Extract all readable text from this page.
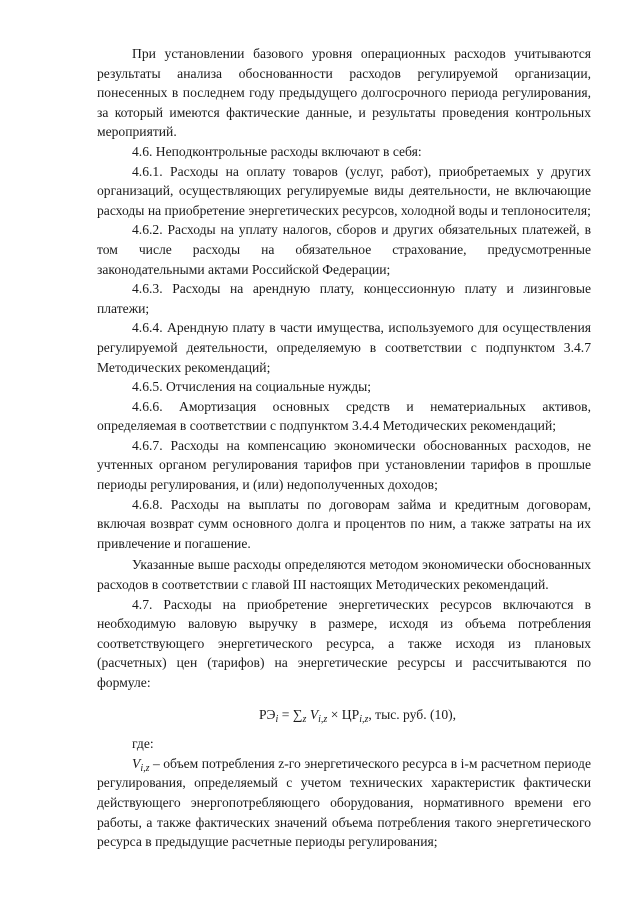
При установлении базового уровня операционных расходов учитываются результаты анализа обоснованности расходов регулируемой организации, понесенных в последнем году предыдущего долгосрочного периода регулирования, за который имеются фактические данные, и результаты проведения контрольных мероприятий.

4.6. Неподконтрольные расходы включают в себя:

4.6.1. Расходы на оплату товаров (услуг, работ), приобретаемых у других организаций, осуществляющих регулируемые виды деятельности, не включающие расходы на приобретение энергетических ресурсов, холодной воды и теплоносителя;

4.6.2. Расходы на уплату налогов, сборов и других обязательных платежей, в том числе расходы на обязательное страхование, предусмотренные законодательными актами Российской Федерации;

4.6.3. Расходы на арендную плату, концессионную плату и лизинговые платежи;

4.6.4. Арендную плату в части имущества, используемого для осуществления регулируемой деятельности, определяемую в соответствии с подпунктом 3.4.7 Методических рекомендаций;

4.6.5. Отчисления на социальные нужды;

4.6.6. Амортизация основных средств и нематериальных активов, определяемая в соответствии с подпунктом 3.4.4 Методических рекомендаций;

4.6.7. Расходы на компенсацию экономически обоснованных расходов, не учтенных органом регулирования тарифов при установлении тарифов в прошлые периоды регулирования, и (или) недополученных доходов;

4.6.8. Расходы на выплаты по договорам займа и кредитным договорам, включая возврат сумм основного долга и процентов по ним, а также затраты на их привлечение и погашение.

Указанные выше расходы определяются методом экономически обоснованных расходов в соответствии с главой III настоящих Методических рекомендаций.

4.7. Расходы на приобретение энергетических ресурсов включаются в необходимую валовую выручку в размере, исходя из объема потребления соответствующего энергетического ресурса, а также исходя из плановых (расчетных) цен (тарифов) на энергетические ресурсы и рассчитываются по формуле:

$РЭ_i = \sum_z$ $V_{i,z} \times ЦР_{i,z}$, тыс. руб. (10),

где:

$V_{i,z}$ – объем потребления z-го энергетического ресурса в i-м расчетном периоде регулирования, определяемый с учетом технических характеристик фактически действующего энергопотребляющего оборудования, нормативного времени его работы, а также фактических значений объема потребления такого энергетического ресурса в предыдущие расчетные периоды регулирования;
